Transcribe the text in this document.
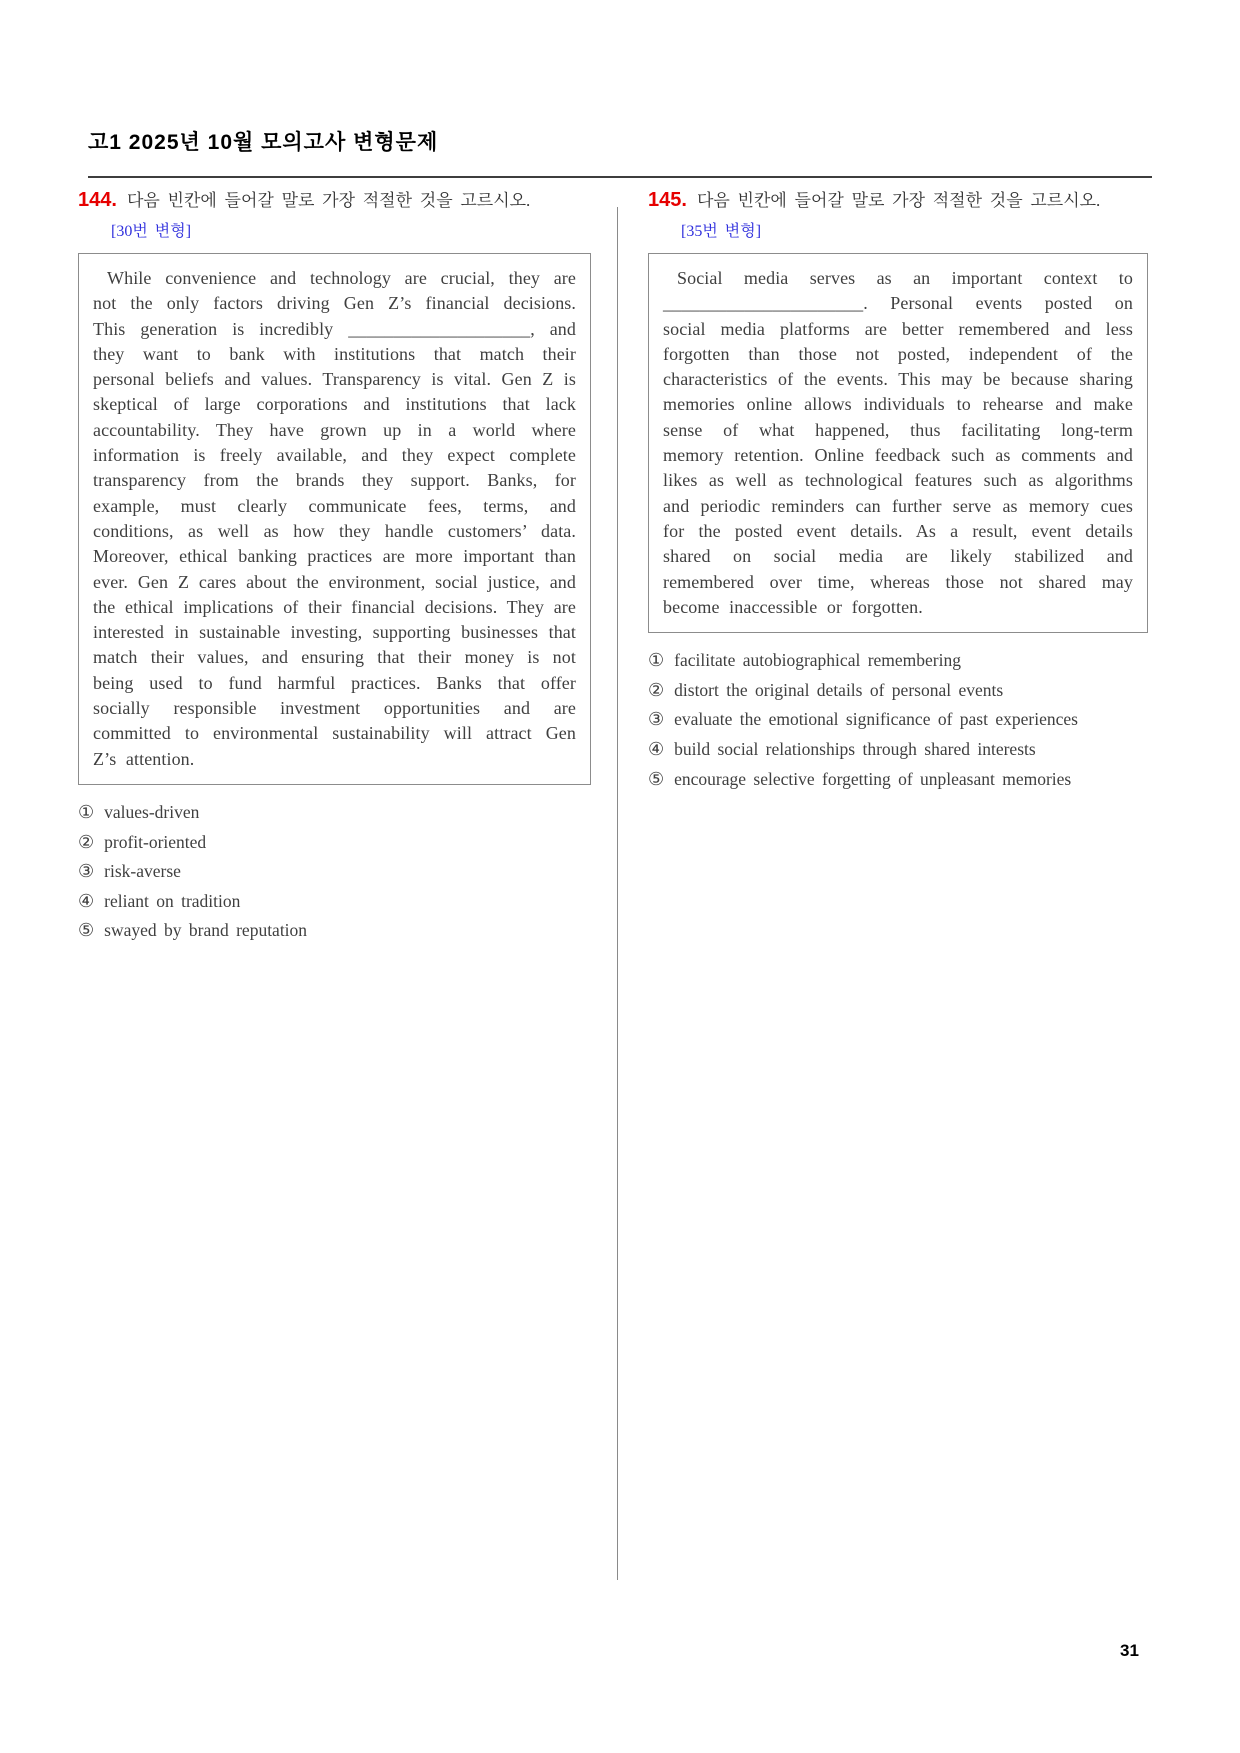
고1 2025년 10월 모의고사 변형문제
144. 다음 빈칸에 들어갈 말로 가장 적절한 것을 고르시오.
[30번 변형]
While convenience and technology are crucial, they are not the only factors driving Gen Z’s financial decisions. This generation is incredibly ____________________, and they want to bank with institutions that match their personal beliefs and values. Transparency is vital. Gen Z is skeptical of large corporations and institutions that lack accountability. They have grown up in a world where information is freely available, and they expect complete transparency from the brands they support. Banks, for example, must clearly communicate fees, terms, and conditions, as well as how they handle customers’ data. Moreover, ethical banking practices are more important than ever. Gen Z cares about the environment, social justice, and the ethical implications of their financial decisions. They are interested in sustainable investing, supporting businesses that match their values, and ensuring that their money is not being used to fund harmful practices. Banks that offer socially responsible investment opportunities and are committed to environmental sustainability will attract Gen Z’s attention.
① values-driven
② profit-oriented
③ risk-averse
④ reliant on tradition
⑤ swayed by brand reputation
145. 다음 빈칸에 들어갈 말로 가장 적절한 것을 고르시오.
[35번 변형]
Social media serves as an important context to ______________________. Personal events posted on social media platforms are better remembered and less forgotten than those not posted, independent of the characteristics of the events. This may be because sharing memories online allows individuals to rehearse and make sense of what happened, thus facilitating long-term memory retention. Online feedback such as comments and likes as well as technological features such as algorithms and periodic reminders can further serve as memory cues for the posted event details. As a result, event details shared on social media are likely stabilized and remembered over time, whereas those not shared may become inaccessible or forgotten.
① facilitate autobiographical remembering
② distort the original details of personal events
③ evaluate the emotional significance of past experiences
④ build social relationships through shared interests
⑤ encourage selective forgetting of unpleasant memories
31
